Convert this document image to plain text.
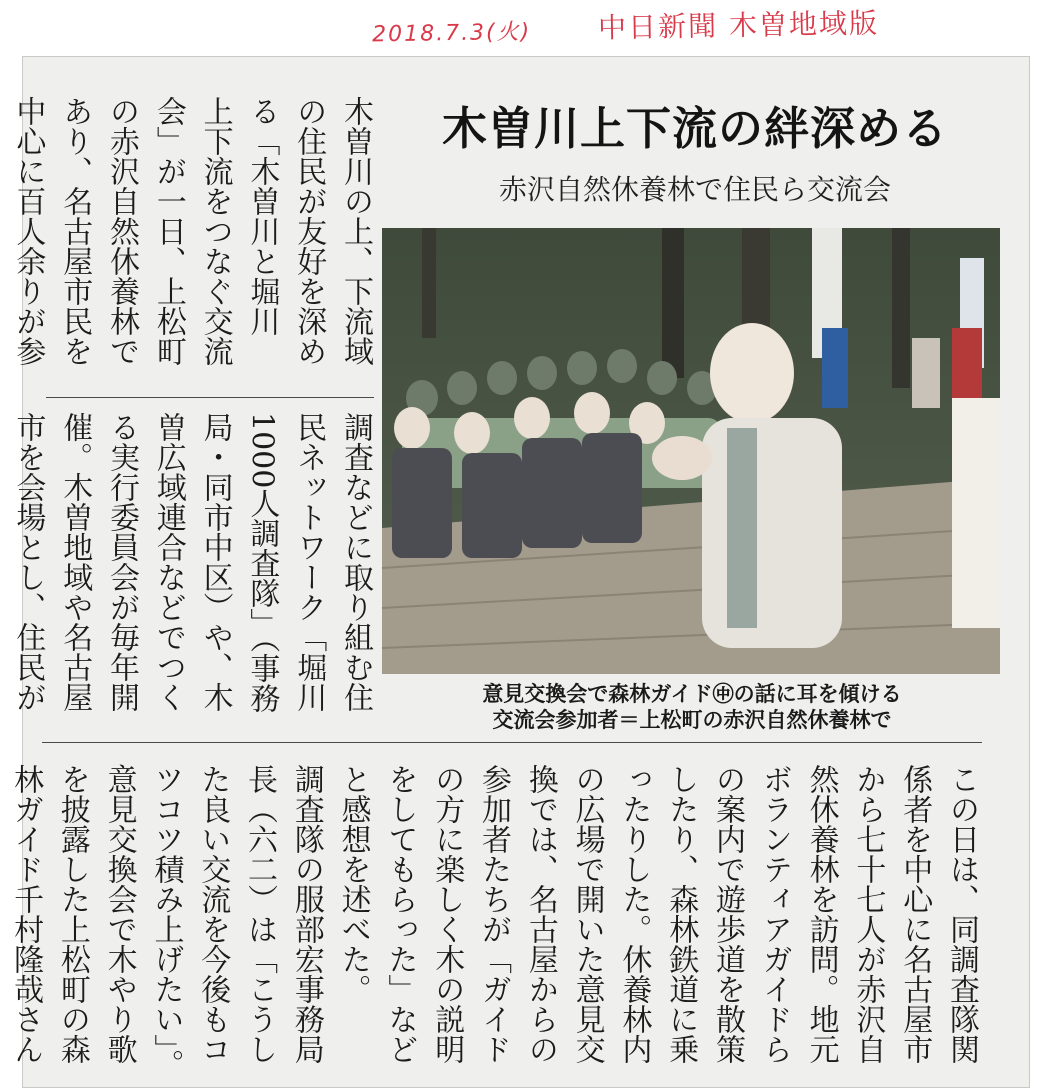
2018.7.3(火) 中日新聞 木曽地域版
木曽川の上、下流域の住民が友好を深める「木曽川と堀川　上下流をつなぐ交流会」が一日、上松町の赤沢自然休養林であり、名古屋市民を中心に百人余りが参

調査などに取り組む住民ネットワーク「堀川1000人調査隊」（事務局・同市中区）や、木曽広域連合などでつくる実行委員会が毎年開催。木曽地域や名古屋市を会場とし、住民が
この日は、同調査隊関係者を中心に名古屋市から七十七人が赤沢自然休養林を訪問。地元ボランティアガイドらの案内で遊歩道を散策したり、森林鉄道に乗ったりした。休養林内の広場で開いた意見交換では、名古屋からの参加者たちが「ガイドの方に楽しく木の説明をしてもらった」などと感想を述べた。
調査隊の服部宏事務局長（六二）は「こうした良い交流を今後もコツコツ積み上げたい」。意見交換会で木やり歌を披露した上松町の森林ガイド千村隆哉さん

木曽川上下流の絆深める
赤沢自然休養林で住民ら交流会
意見交換会で森林ガイド㊥の話に耳を傾ける
交流会参加者＝上松町の赤沢自然休養林で
